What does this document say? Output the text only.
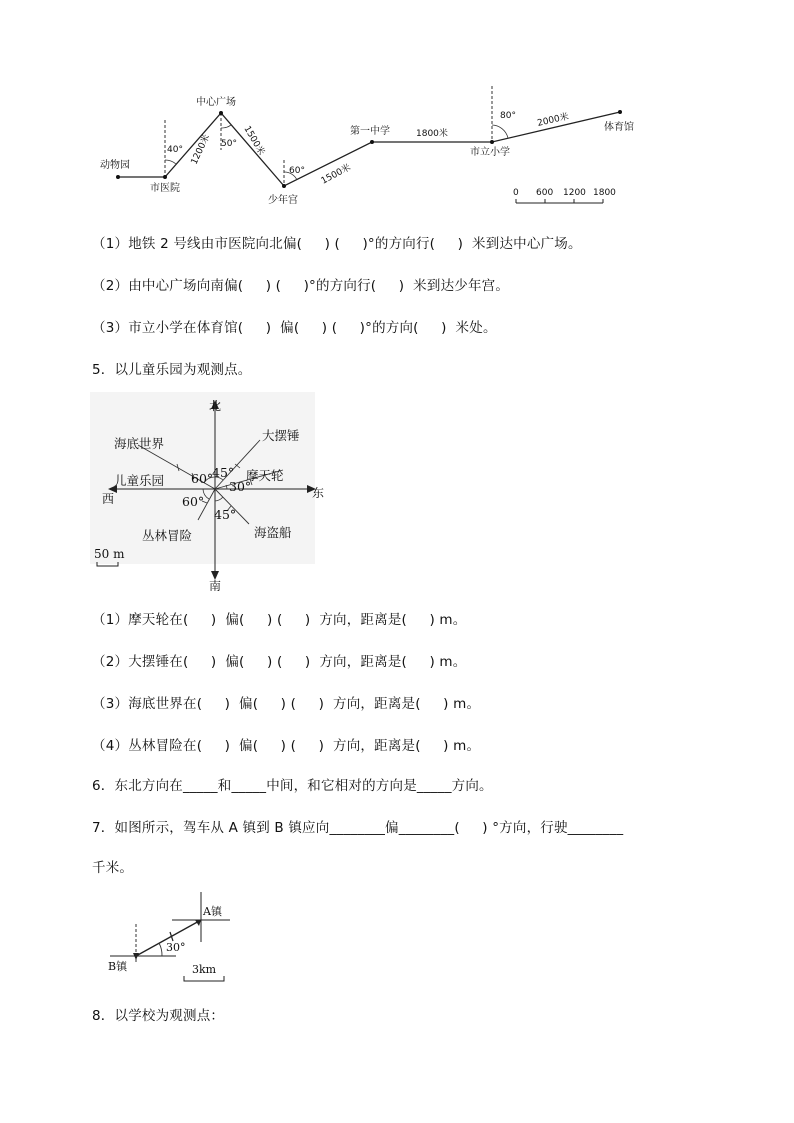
动物园
市医院
中心广场
少年宫
第一中学
市立小学
体育馆
40°
50°
60°
80°
1200米	1500米
1500米
1800米
2000米
0 600 1200 1800
（1）地铁 2 号线由市医院向北偏(     ) (     )°的方向行(     )  米到达中心广场。
（2）由中心广场向南偏(     ) (     )°的方向行(     )  米到达少年宫。
（3）市立小学在体育馆(     )  偏(     ) (     )°的方向(     )  米处。
5．以儿童乐园为观测点。
北
南
东
西
海底世界
大摆锤
摩天轮
儿童乐园
丛林冒险	海盗船
60°
45°
30°
60°
45°
50 m
（1）摩天轮在(     )  偏(     ) (     )  方向，距离是(     ) m。
（2）大摆锤在(     )  偏(     ) (     )  方向，距离是(     ) m。
（3）海底世界在(     )  偏(     ) (     )  方向，距离是(     ) m。
（4）丛林冒险在(     )  偏(     ) (     )  方向，距离是(     ) m。
6．东北方向在_____和_____中间，和它相对的方向是_____方向。
7．如图所示，驾车从 A 镇到 B 镇应向________偏________(     ) °方向，行驶________
千米。
A镇
B镇
30°
3km
8．以学校为观测点：
